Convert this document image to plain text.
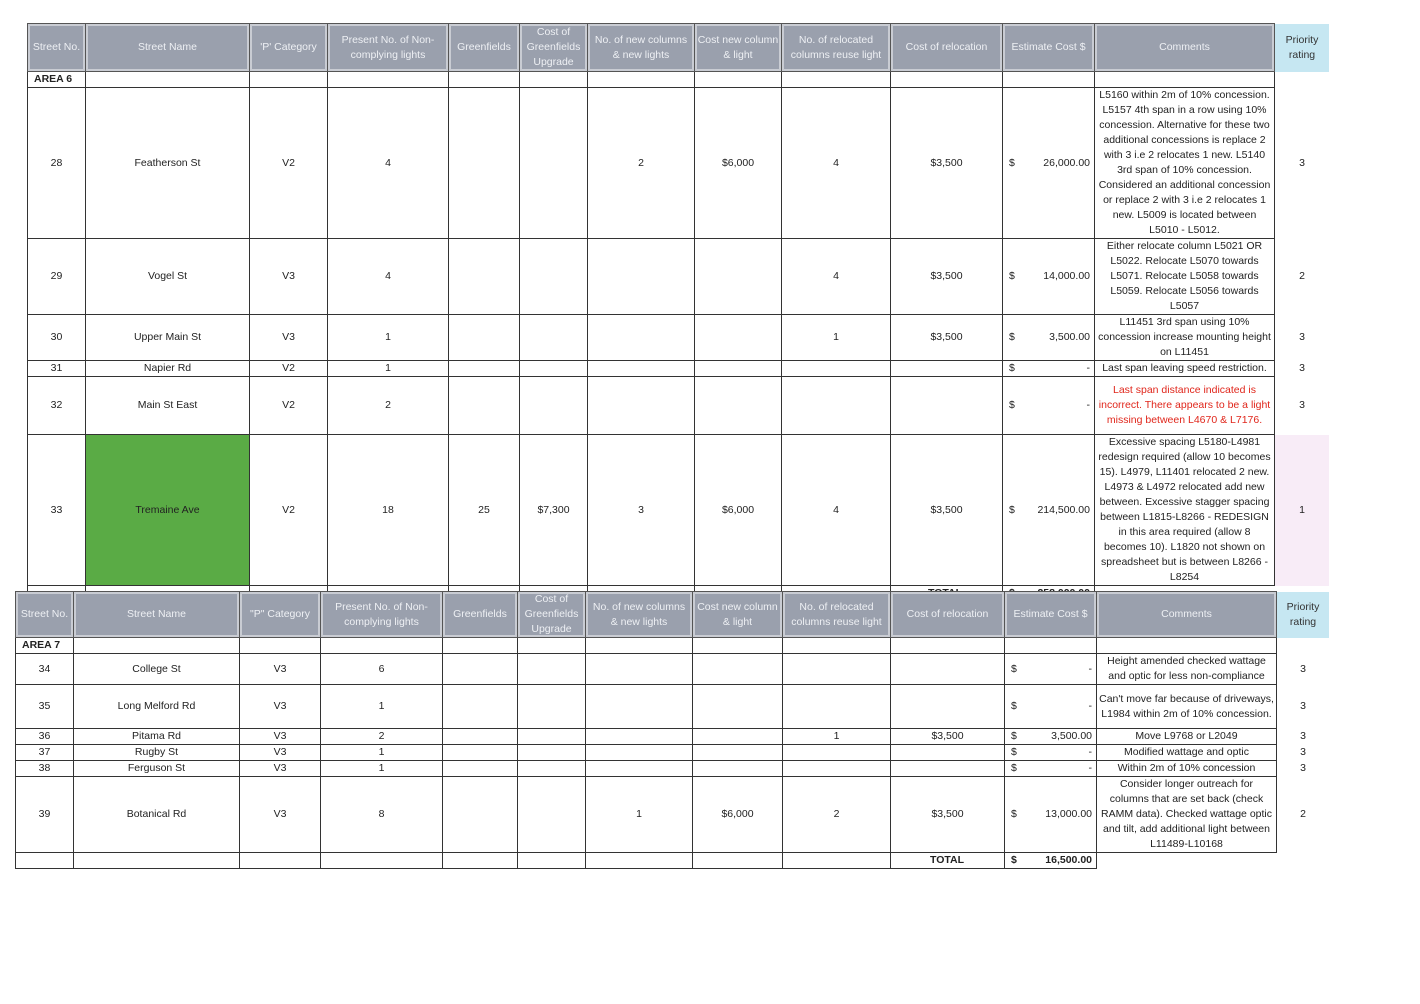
Street No.	Street Name	'P' Category	Present No. of Non-complying lights	Greenfields	Cost of Greenfields Upgrade	No. of new columns & new lights	Cost new column & light	No. of relocated columns reuse light	Cost of relocation	Estimate Cost $	Comments	Priority rating
AREA 6												
28	Featherson St	V2	4			2	$6,000	4	$3,500	$ 26,000.00	L5160 within 2m of 10% concession. L5157 4th span in a row using 10% concession. Alternative for these two additional concessions is replace 2 with 3 i.e 2 relocates 1 new. L5140 3rd span of 10% concession. Considered an additional concession or replace 2 with 3 i.e 2 relocates 1 new. L5009 is located between L5010 - L5012.	3
29	Vogel St	V3	4					4	$3,500	$ 14,000.00	Either relocate column L5021 OR L5022. Relocate L5070 towards L5071. Relocate L5058 towards L5059. Relocate L5056 towards L5057	2
30	Upper Main St	V3	1					1	$3,500	$ 3,500.00	L11451 3rd span using 10% concession increase mounting height on L11451	3
31	Napier Rd	V2	1							$ -	Last span leaving speed restriction.	3
32	Main St East	V2	2							$ -	Last span distance indicated is incorrect. There appears to be a light missing between L4670 & L7176.	3
33	Tremaine Ave	V2	18	25	$7,300	3	$6,000	4	$3,500	$ 214,500.00	Excessive spacing L5180-L4981 redesign required (allow 10 becomes 15). L4979, L11401 relocated 2 new. L4973 & L4972 relocated add new between. Excessive stagger spacing between L1815-L8266 - REDESIGN in this area required (allow 8 becomes 10). L1820 not shown on spreadsheet but is between L8266 - L8254	1

Street No.	Street Name	"P" Category	Present No. of Non-complying lights	Greenfields	Cost of Greenfields Upgrade	No. of new columns & new lights	Cost new column & light	No. of relocated columns reuse light	Cost of relocation	Estimate Cost $	Comments	Priority rating
AREA 7												
34	College St	V3	6							$ -	Height amended checked wattage and optic for less non-compliance	3
35	Long Melford Rd	V3	1							$ -	Can't move far because of driveways, L1984 within 2m of 10% concession.	3
36	Pitama Rd	V3	2					1	$3,500	$ 3,500.00	Move L9768 or L2049	3
37	Rugby St	V3	1							$ -	Modified wattage and optic	3
38	Ferguson St	V3	1							$ -	Within 2m of 10% concession	3
39	Botanical Rd	V3	8			1	$6,000	2	$3,500	$ 13,000.00	Consider longer outreach for columns that are set back (check RAMM data). Checked wattage optic and tilt, add additional light between L11489-L10168	2
									TOTAL	$ 16,500.00		
